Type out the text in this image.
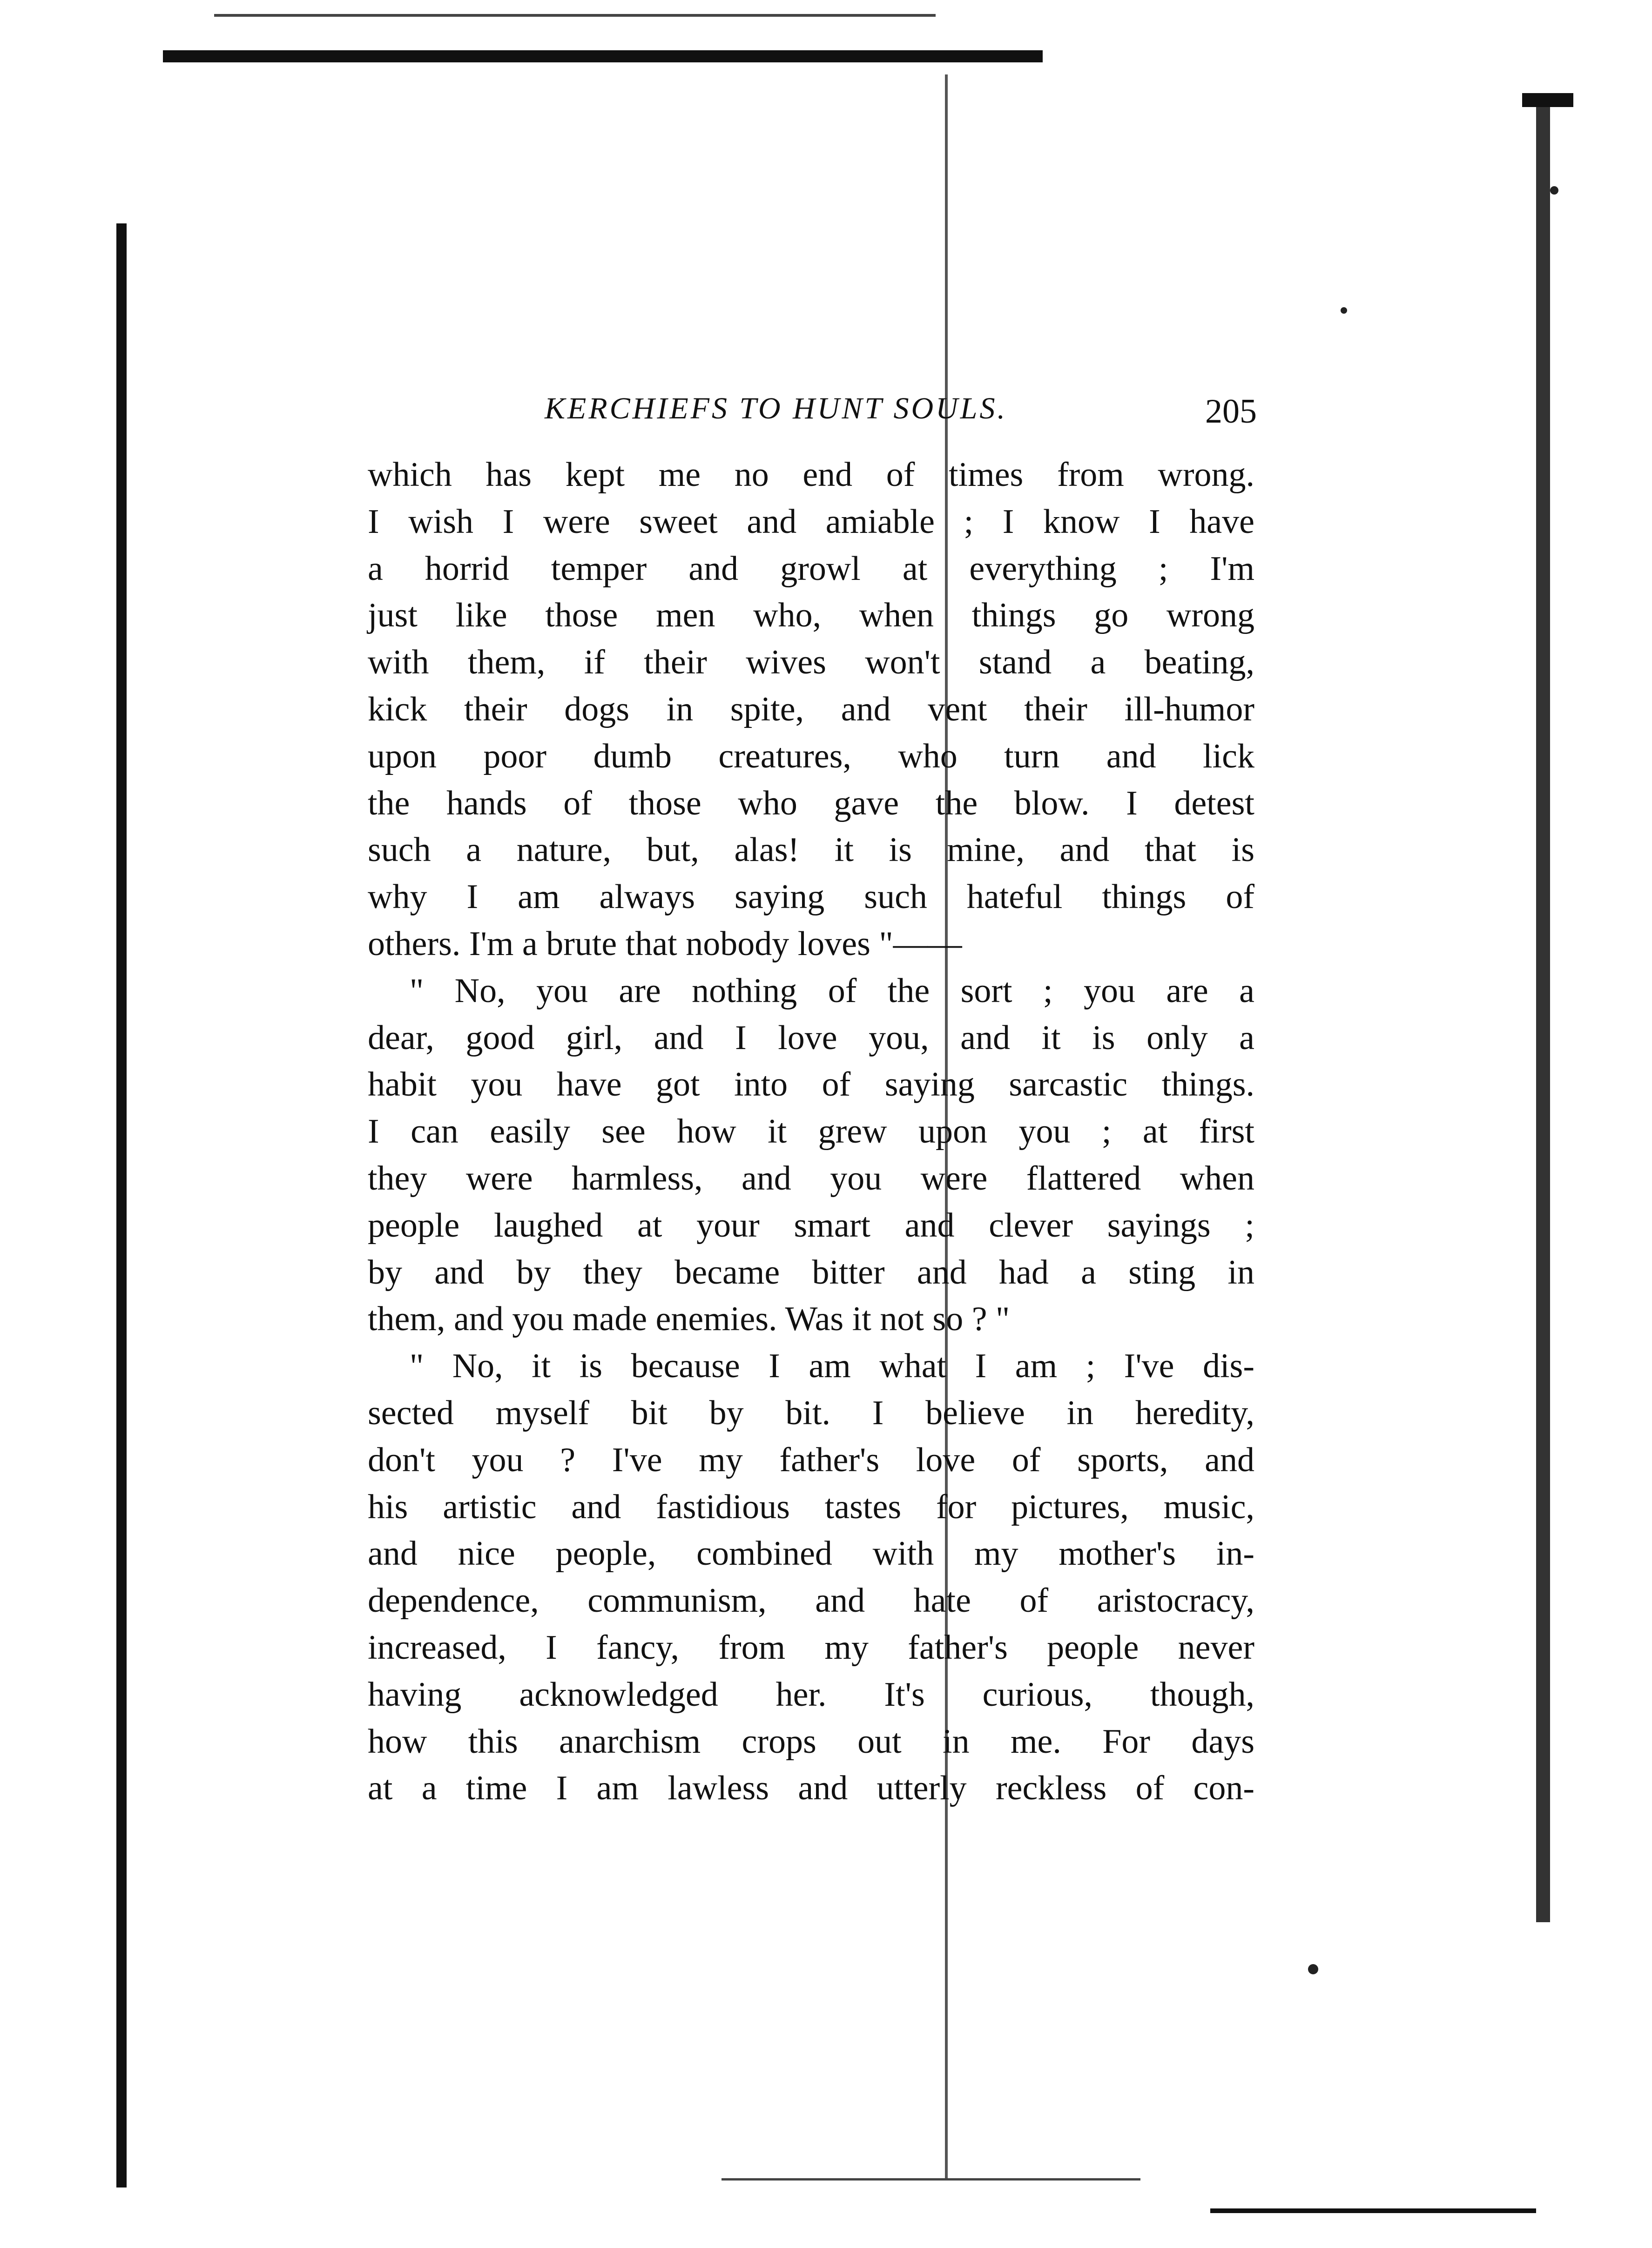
KERCHIEFS TO HUNT SOULS.	205
which has kept me no end of times from wrong.
I wish I were sweet and amiable ; I know I have
a horrid temper and growl at everything ; I'm
just like those men who, when things go wrong
with them, if their wives won't stand a beating,
kick their dogs in spite, and vent their ill-humor
upon poor dumb creatures, who turn and lick
the hands of those who gave the blow. I detest
such a nature, but, alas! it is mine, and that is
why I am always saying such hateful things of
others. I'm a brute that nobody loves "——
" No, you are nothing of the sort ; you are a
dear, good girl, and I love you, and it is only a
habit you have got into of saying sarcastic things.
I can easily see how it grew upon you ; at first
they were harmless, and you were flattered when
people laughed at your smart and clever sayings ;
by and by they became bitter and had a sting in
them, and you made enemies. Was it not so ? "
" No, it is because I am what I am ; I've dis-
sected myself bit by bit. I believe in heredity,
don't you ? I've my father's love of sports, and
his artistic and fastidious tastes for pictures, music,
and nice people, combined with my mother's in-
dependence, communism, and hate of aristocracy,
increased, I fancy, from my father's people never
having acknowledged her. It's curious, though,
how this anarchism crops out in me. For days
at a time I am lawless and utterly reckless of con-
